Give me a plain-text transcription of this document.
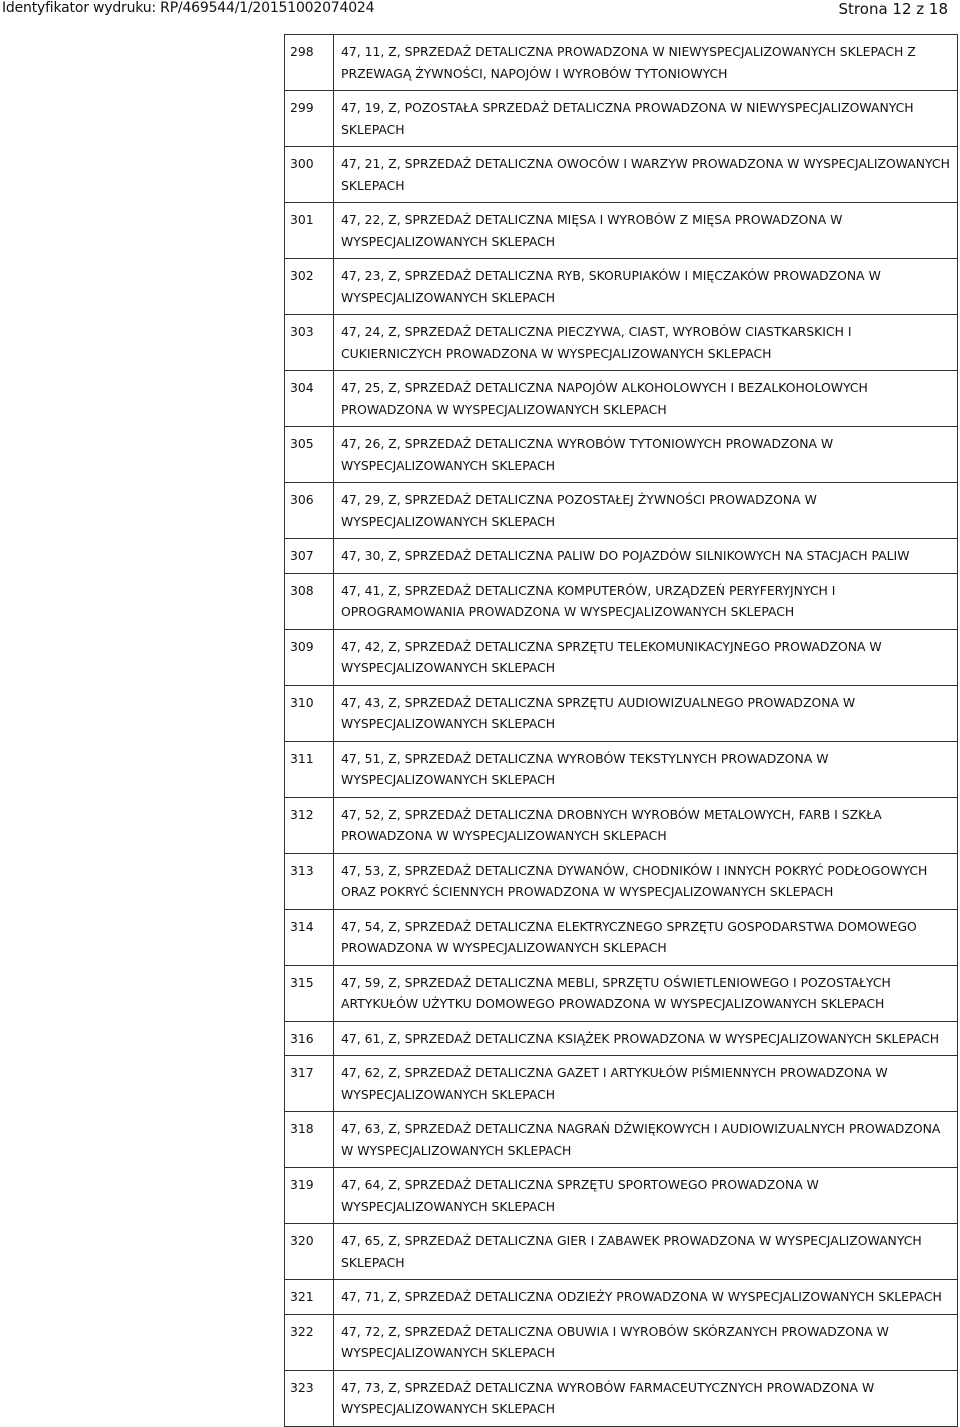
Identyfikator wydruku: RP/469544/1/20151002074024	Strona 12 z 18
298	47, 11, Z, SPRZEDAŻ DETALICZNA PROWADZONA W NIEWYSPECJALIZOWANYCH SKLEPACH Z PRZEWAGĄ ŻYWNOŚCI, NAPOJÓW I WYROBÓW TYTONIOWYCH
299	47, 19, Z, POZOSTAŁA SPRZEDAŻ DETALICZNA PROWADZONA W NIEWYSPECJALIZOWANYCH SKLEPACH
300	47, 21, Z, SPRZEDAŻ DETALICZNA OWOCÓW I WARZYW PROWADZONA W WYSPECJALIZOWANYCH SKLEPACH
301	47, 22, Z, SPRZEDAŻ DETALICZNA MIĘSA I WYROBÓW Z MIĘSA PROWADZONA W WYSPECJALIZOWANYCH SKLEPACH
302	47, 23, Z, SPRZEDAŻ DETALICZNA RYB, SKORUPIAKÓW I MIĘCZAKÓW PROWADZONA W WYSPECJALIZOWANYCH SKLEPACH
303	47, 24, Z, SPRZEDAŻ DETALICZNA PIECZYWA, CIAST, WYROBÓW CIASTKARSKICH I CUKIERNICZYCH PROWADZONA W WYSPECJALIZOWANYCH SKLEPACH
304	47, 25, Z, SPRZEDAŻ DETALICZNA NAPOJÓW ALKOHOLOWYCH I BEZALKOHOLOWYCH PROWADZONA W WYSPECJALIZOWANYCH SKLEPACH
305	47, 26, Z, SPRZEDAŻ DETALICZNA WYROBÓW TYTONIOWYCH PROWADZONA W WYSPECJALIZOWANYCH SKLEPACH
306	47, 29, Z, SPRZEDAŻ DETALICZNA POZOSTAŁEJ ŻYWNOŚCI PROWADZONA W WYSPECJALIZOWANYCH SKLEPACH
307	47, 30, Z, SPRZEDAŻ DETALICZNA PALIW DO POJAZDÓW SILNIKOWYCH NA STACJACH PALIW
308	47, 41, Z, SPRZEDAŻ DETALICZNA KOMPUTERÓW, URZĄDZEŃ PERYFERYJNYCH I OPROGRAMOWANIA PROWADZONA W WYSPECJALIZOWANYCH SKLEPACH
309	47, 42, Z, SPRZEDAŻ DETALICZNA SPRZĘTU TELEKOMUNIKACYJNEGO PROWADZONA W WYSPECJALIZOWANYCH SKLEPACH
310	47, 43, Z, SPRZEDAŻ DETALICZNA SPRZĘTU AUDIOWIZUALNEGO PROWADZONA W WYSPECJALIZOWANYCH SKLEPACH
311	47, 51, Z, SPRZEDAŻ DETALICZNA WYROBÓW TEKSTYLNYCH PROWADZONA W WYSPECJALIZOWANYCH SKLEPACH
312	47, 52, Z, SPRZEDAŻ DETALICZNA DROBNYCH WYROBÓW METALOWYCH, FARB I SZKŁA PROWADZONA W WYSPECJALIZOWANYCH SKLEPACH
313	47, 53, Z, SPRZEDAŻ DETALICZNA DYWANÓW, CHODNIKÓW I INNYCH POKRYĆ PODŁOGOWYCH ORAZ POKRYĆ ŚCIENNYCH PROWADZONA W WYSPECJALIZOWANYCH SKLEPACH
314	47, 54, Z, SPRZEDAŻ DETALICZNA ELEKTRYCZNEGO SPRZĘTU GOSPODARSTWA DOMOWEGO PROWADZONA W WYSPECJALIZOWANYCH SKLEPACH
315	47, 59, Z, SPRZEDAŻ DETALICZNA MEBLI, SPRZĘTU OŚWIETLENIOWEGO I POZOSTAŁYCH ARTYKUŁÓW UŻYTKU DOMOWEGO PROWADZONA W WYSPECJALIZOWANYCH SKLEPACH
316	47, 61, Z, SPRZEDAŻ DETALICZNA KSIĄŻEK PROWADZONA W WYSPECJALIZOWANYCH SKLEPACH
317	47, 62, Z, SPRZEDAŻ DETALICZNA GAZET I ARTYKUŁÓW PIŚMIENNYCH PROWADZONA W WYSPECJALIZOWANYCH SKLEPACH
318	47, 63, Z, SPRZEDAŻ DETALICZNA NAGRAŃ DŹWIĘKOWYCH I AUDIOWIZUALNYCH PROWADZONA W WYSPECJALIZOWANYCH SKLEPACH
319	47, 64, Z, SPRZEDAŻ DETALICZNA SPRZĘTU SPORTOWEGO PROWADZONA W WYSPECJALIZOWANYCH SKLEPACH
320	47, 65, Z, SPRZEDAŻ DETALICZNA GIER I ZABAWEK PROWADZONA W WYSPECJALIZOWANYCH SKLEPACH
321	47, 71, Z, SPRZEDAŻ DETALICZNA ODZIEŻY PROWADZONA W WYSPECJALIZOWANYCH SKLEPACH
322	47, 72, Z, SPRZEDAŻ DETALICZNA OBUWIA I WYROBÓW SKÓRZANYCH PROWADZONA W WYSPECJALIZOWANYCH SKLEPACH
323	47, 73, Z, SPRZEDAŻ DETALICZNA WYROBÓW FARMACEUTYCZNYCH PROWADZONA W WYSPECJALIZOWANYCH SKLEPACH
